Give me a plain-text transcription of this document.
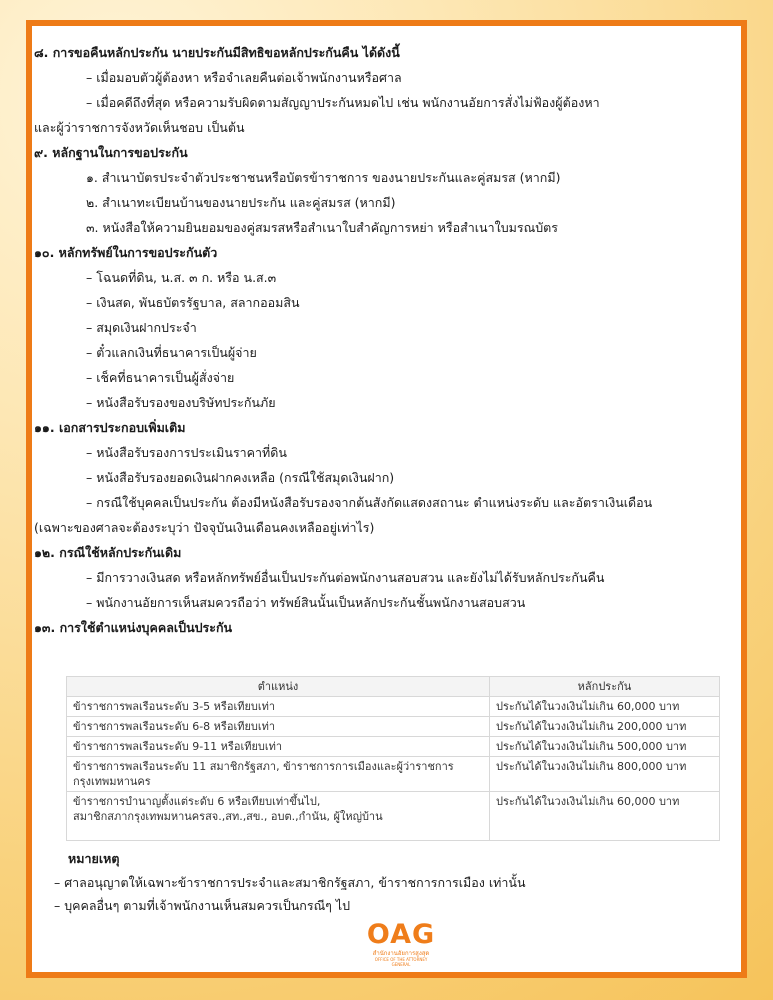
๘. การขอคืนหลักประกัน นายประกันมีสิทธิขอหลักประกันคืน ได้ดังนี้
– เมื่อมอบตัวผู้ต้องหา หรือจำเลยคืนต่อเจ้าพนักงานหรือศาล
– เมื่อคดีถึงที่สุด หรือความรับผิดตามสัญญาประกันหมดไป เช่น พนักงานอัยการสั่งไม่ฟ้องผู้ต้องหา
และผู้ว่าราชการจังหวัดเห็นชอบ เป็นต้น
๙. หลักฐานในการขอประกัน
๑. สำเนาบัตรประจำตัวประชาชนหรือบัตรข้าราชการ ของนายประกันและคู่สมรส (หากมี)
๒. สำเนาทะเบียนบ้านของนายประกัน และคู่สมรส (หากมี)
๓. หนังสือให้ความยินยอมของคู่สมรสหรือสำเนาใบสำคัญการหย่า หรือสำเนาใบมรณบัตร
๑๐. หลักทรัพย์ในการขอประกันตัว
– โฉนดที่ดิน, น.ส. ๓ ก. หรือ น.ส.๓
– เงินสด, พันธบัตรรัฐบาล, สลากออมสิน
– สมุดเงินฝากประจำ
– ตั๋วแลกเงินที่ธนาคารเป็นผู้จ่าย
– เช็คที่ธนาคารเป็นผู้สั่งจ่าย
– หนังสือรับรองของบริษัทประกันภัย
๑๑. เอกสารประกอบเพิ่มเติม
– หนังสือรับรองการประเมินราคาที่ดิน
– หนังสือรับรองยอดเงินฝากคงเหลือ (กรณีใช้สมุดเงินฝาก)
– กรณีใช้บุคคลเป็นประกัน ต้องมีหนังสือรับรองจากต้นสังกัดแสดงสถานะ ตำแหน่งระดับ และอัตราเงินเดือน
(เฉพาะของศาลจะต้องระบุว่า ปัจจุบันเงินเดือนคงเหลืออยู่เท่าไร)
๑๒. กรณีใช้หลักประกันเดิม
– มีการวางเงินสด หรือหลักทรัพย์อื่นเป็นประกันต่อพนักงานสอบสวน และยังไม่ได้รับหลักประกันคืน
– พนักงานอัยการเห็นสมควรถือว่า ทรัพย์สินนั้นเป็นหลักประกันชั้นพนักงานสอบสวน
๑๓. การใช้ตำแหน่งบุคคลเป็นประกัน
ตำแหน่ง	หลักประกัน
ข้าราชการพลเรือนระดับ 3-5 หรือเทียบเท่า	ประกันได้ในวงเงินไม่เกิน 60,000 บาท
ข้าราชการพลเรือนระดับ 6-8 หรือเทียบเท่า	ประกันได้ในวงเงินไม่เกิน 200,000 บาท
ข้าราชการพลเรือนระดับ 9-11 หรือเทียบเท่า	ประกันได้ในวงเงินไม่เกิน 500,000 บาท

ข้าราชการพลเรือนระดับ 11 สมาชิกรัฐสภา, ข้าราชการการเมืองและผู้ว่าราชการ
กรุงเทพมหานคร	ประกันได้ในวงเงินไม่เกิน 800,000 บาท

ข้าราชการบำนาญตั้งแต่ระดับ 6 หรือเทียบเท่าขึ้นไป,
สมาชิกสภากรุงเทพมหานครสจ.,สท.,สข., อบต.,กำนัน, ผู้ใหญ่บ้าน	ประกันได้ในวงเงินไม่เกิน 60,000 บาท
หมายเหตุ
– ศาลอนุญาตให้เฉพาะข้าราชการประจำและสมาชิกรัฐสภา, ข้าราชการการเมือง เท่านั้น
– บุคคลอื่นๆ ตามที่เจ้าพนักงานเห็นสมควรเป็นกรณีๆ ไป
OAG
สำนักงานอัยการสูงสุด
OFFICE OF THE ATTORNEY GENERAL
